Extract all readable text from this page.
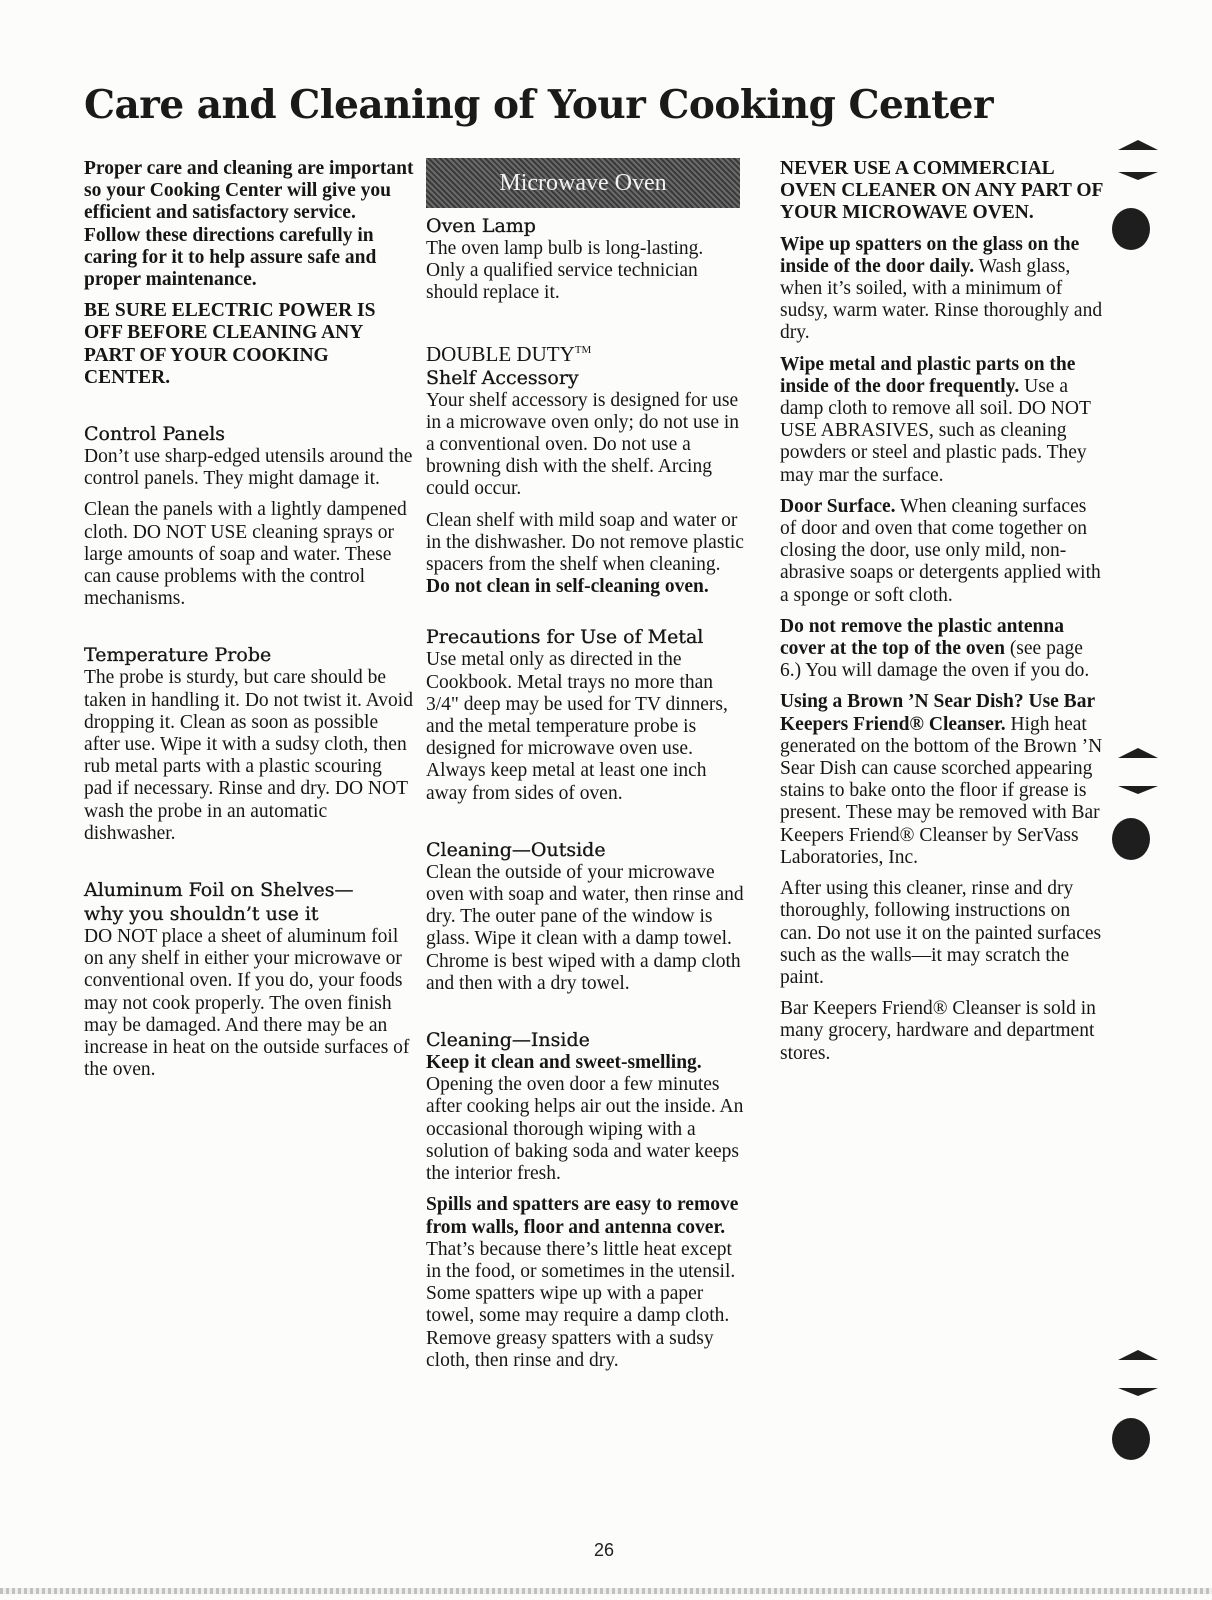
Care and Cleaning of Your Cooking Center

Proper care and cleaning are important so your Cooking Center will give you efficient and satisfactory service. Follow these directions carefully in caring for it to help assure safe and proper maintenance.

BE SURE ELECTRIC POWER IS OFF BEFORE CLEANING ANY PART OF YOUR COOKING CENTER.

Control Panels

Don’t use sharp-edged utensils around the control panels. They might damage it.

Clean the panels with a lightly dampened cloth. DO NOT USE cleaning sprays or large amounts of soap and water. These can cause problems with the control mechanisms.

Temperature Probe

The probe is sturdy, but care should be taken in handling it. Do not twist it. Avoid dropping it. Clean as soon as possible after use. Wipe it with a sudsy cloth, then rub metal parts with a plastic scouring pad if necessary. Rinse and dry. DO NOT wash the probe in an automatic dishwasher.

Aluminum Foil on Shelves—
why you shouldn’t use it

DO NOT place a sheet of aluminum foil on any shelf in either your microwave or conventional oven. If you do, your foods may not cook properly. The oven finish may be damaged. And there may be an increase in heat on the outside surfaces of the oven.

Microwave Oven
Oven Lamp

The oven lamp bulb is long-lasting. Only a qualified service technician should replace it.

DOUBLE DUTY™
Shelf Accessory

Your shelf accessory is designed for use in a microwave oven only; do not use in a conventional oven. Do not use a browning dish with the shelf. Arcing could occur.

Clean shelf with mild soap and water or in the dishwasher. Do not remove plastic spacers from the shelf when cleaning. Do not clean in self-cleaning oven.

Precautions for Use of Metal

Use metal only as directed in the Cookbook. Metal trays no more than 3/4" deep may be used for TV dinners, and the metal temperature probe is designed for microwave oven use. Always keep metal at least one inch away from sides of oven.

Cleaning—Outside

Clean the outside of your microwave oven with soap and water, then rinse and dry. The outer pane of the window is glass. Wipe it clean with a damp towel. Chrome is best wiped with a damp cloth and then with a dry towel.

Cleaning—Inside

Keep it clean and sweet-smelling. Opening the oven door a few minutes after cooking helps air out the inside. An occasional thorough wiping with a solution of baking soda and water keeps the interior fresh.

Spills and spatters are easy to remove from walls, floor and antenna cover. That’s because there’s little heat except in the food, or sometimes in the utensil. Some spatters wipe up with a paper towel, some may require a damp cloth. Remove greasy spatters with a sudsy cloth, then rinse and dry.

NEVER USE A COMMERCIAL OVEN CLEANER ON ANY PART OF YOUR MICROWAVE OVEN.

Wipe up spatters on the glass on the inside of the door daily. Wash glass, when it’s soiled, with a minimum of sudsy, warm water. Rinse thoroughly and dry.

Wipe metal and plastic parts on the inside of the door frequently. Use a damp cloth to remove all soil. DO NOT USE ABRASIVES, such as cleaning powders or steel and plastic pads. They may mar the surface.

Door Surface. When cleaning surfaces of door and oven that come together on closing the door, use only mild, non-abrasive soaps or detergents applied with a sponge or soft cloth.

Do not remove the plastic antenna cover at the top of the oven (see page 6.) You will damage the oven if you do.

Using a Brown ’N Sear Dish? Use Bar Keepers Friend® Cleanser. High heat generated on the bottom of the Brown ’N Sear Dish can cause scorched appearing stains to bake onto the floor if grease is present. These may be removed with Bar Keepers Friend® Cleanser by SerVass Laboratories, Inc.

After using this cleaner, rinse and dry thoroughly, following instructions on can. Do not use it on the painted surfaces such as the walls—it may scratch the paint.

Bar Keepers Friend® Cleanser is sold in many grocery, hardware and department stores.

26
